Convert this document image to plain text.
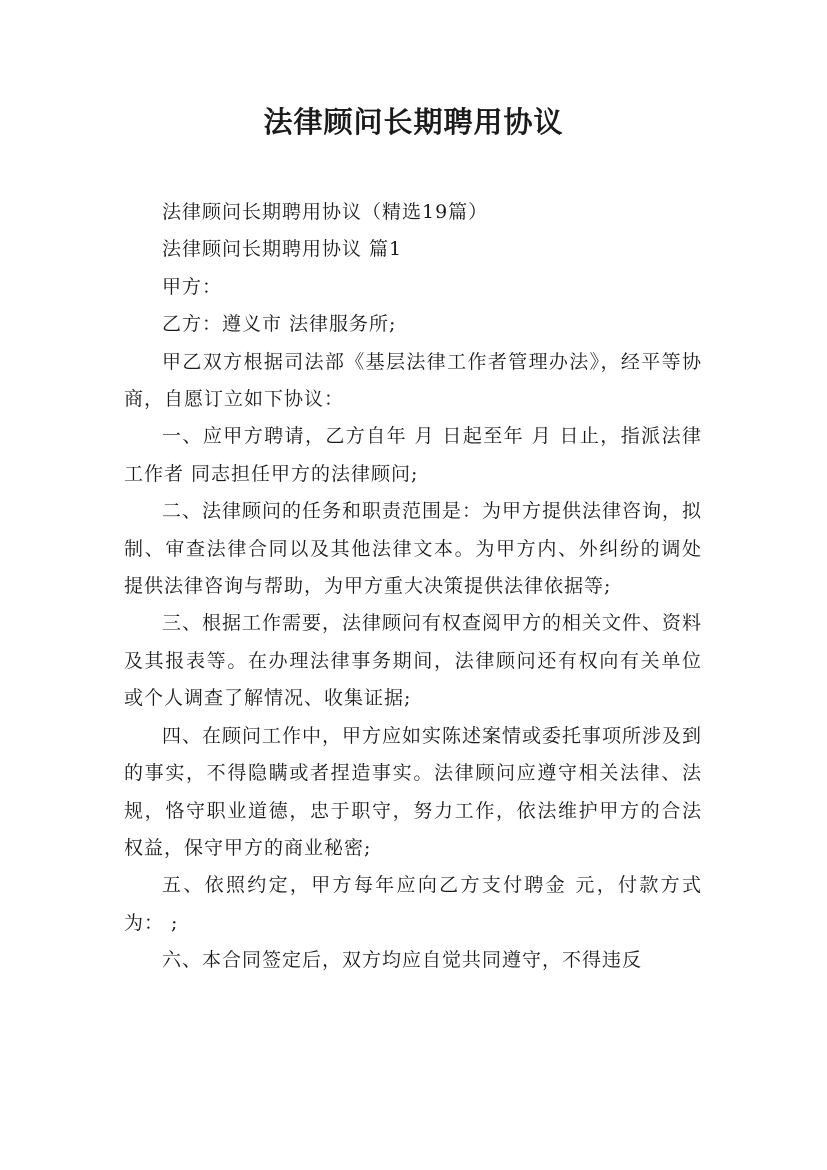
法律顾问长期聘用协议

法律顾问长期聘用协议（精选19篇）

法律顾问长期聘用协议 篇1

甲方：

乙方：遵义市 法律服务所;

甲乙双方根据司法部《基层法律工作者管理办法》，经平等协商，自愿订立如下协议：

一、应甲方聘请，乙方自年 月 日起至年 月 日止，指派法律工作者 同志担任甲方的法律顾问;

二、法律顾问的任务和职责范围是：为甲方提供法律咨询，拟制、审查法律合同以及其他法律文本。为甲方内、外纠纷的调处提供法律咨询与帮助，为甲方重大决策提供法律依据等;

三、根据工作需要，法律顾问有权查阅甲方的相关文件、资料及其报表等。在办理法律事务期间，法律顾问还有权向有关单位或个人调查了解情况、收集证据;

四、在顾问工作中，甲方应如实陈述案情或委托事项所涉及到的事实，不得隐瞒或者捏造事实。法律顾问应遵守相关法律、法规，恪守职业道德，忠于职守，努力工作，依法维护甲方的合法权益，保守甲方的商业秘密;

五、依照约定，甲方每年应向乙方支付聘金 元，付款方式为： ;

六、本合同签定后，双方均应自觉共同遵守，不得违反
